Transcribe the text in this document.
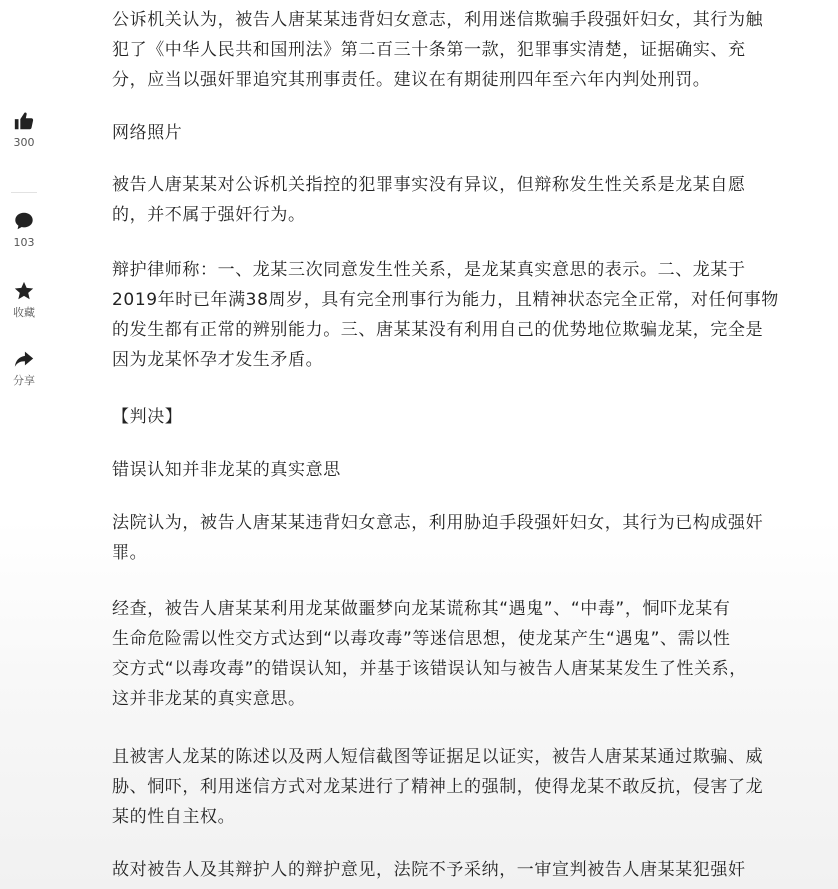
300
103
收藏
分享
公诉机关认为，被告人唐某某违背妇女意志，利用迷信欺骗手段强奸妇女，其行为触
犯了《中华人民共和国刑法》第二百三十条第一款，犯罪事实清楚，证据确实、充
分，应当以强奸罪追究其刑事责任。建议在有期徒刑四年至六年内判处刑罚。
网络照片
被告人唐某某对公诉机关指控的犯罪事实没有异议，但辩称发生性关系是龙某自愿
的，并不属于强奸行为。
辩护律师称：一、龙某三次同意发生性关系，是龙某真实意思的表示。二、龙某于
2019年时已年满38周岁，具有完全刑事行为能力，且精神状态完全正常，对任何事物
的发生都有正常的辨别能力。三、唐某某没有利用自己的优势地位欺骗龙某，完全是
因为龙某怀孕才发生矛盾。
【判决】
错误认知并非龙某的真实意思
法院认为，被告人唐某某违背妇女意志，利用胁迫手段强奸妇女，其行为已构成强奸
罪。
经查，被告人唐某某利用龙某做噩梦向龙某谎称其“遇鬼”、“中毒”，恫吓龙某有
生命危险需以性交方式达到“以毒攻毒”等迷信思想，使龙某产生“遇鬼”、需以性
交方式“以毒攻毒”的错误认知，并基于该错误认知与被告人唐某某发生了性关系，
这并非龙某的真实意思。
且被害人龙某的陈述以及两人短信截图等证据足以证实，被告人唐某某通过欺骗、威
胁、恫吓，利用迷信方式对龙某进行了精神上的强制，使得龙某不敢反抗，侵害了龙
某的性自主权。
故对被告人及其辩护人的辩护意见，法院不予采纳，一审宣判被告人唐某某犯强奸
